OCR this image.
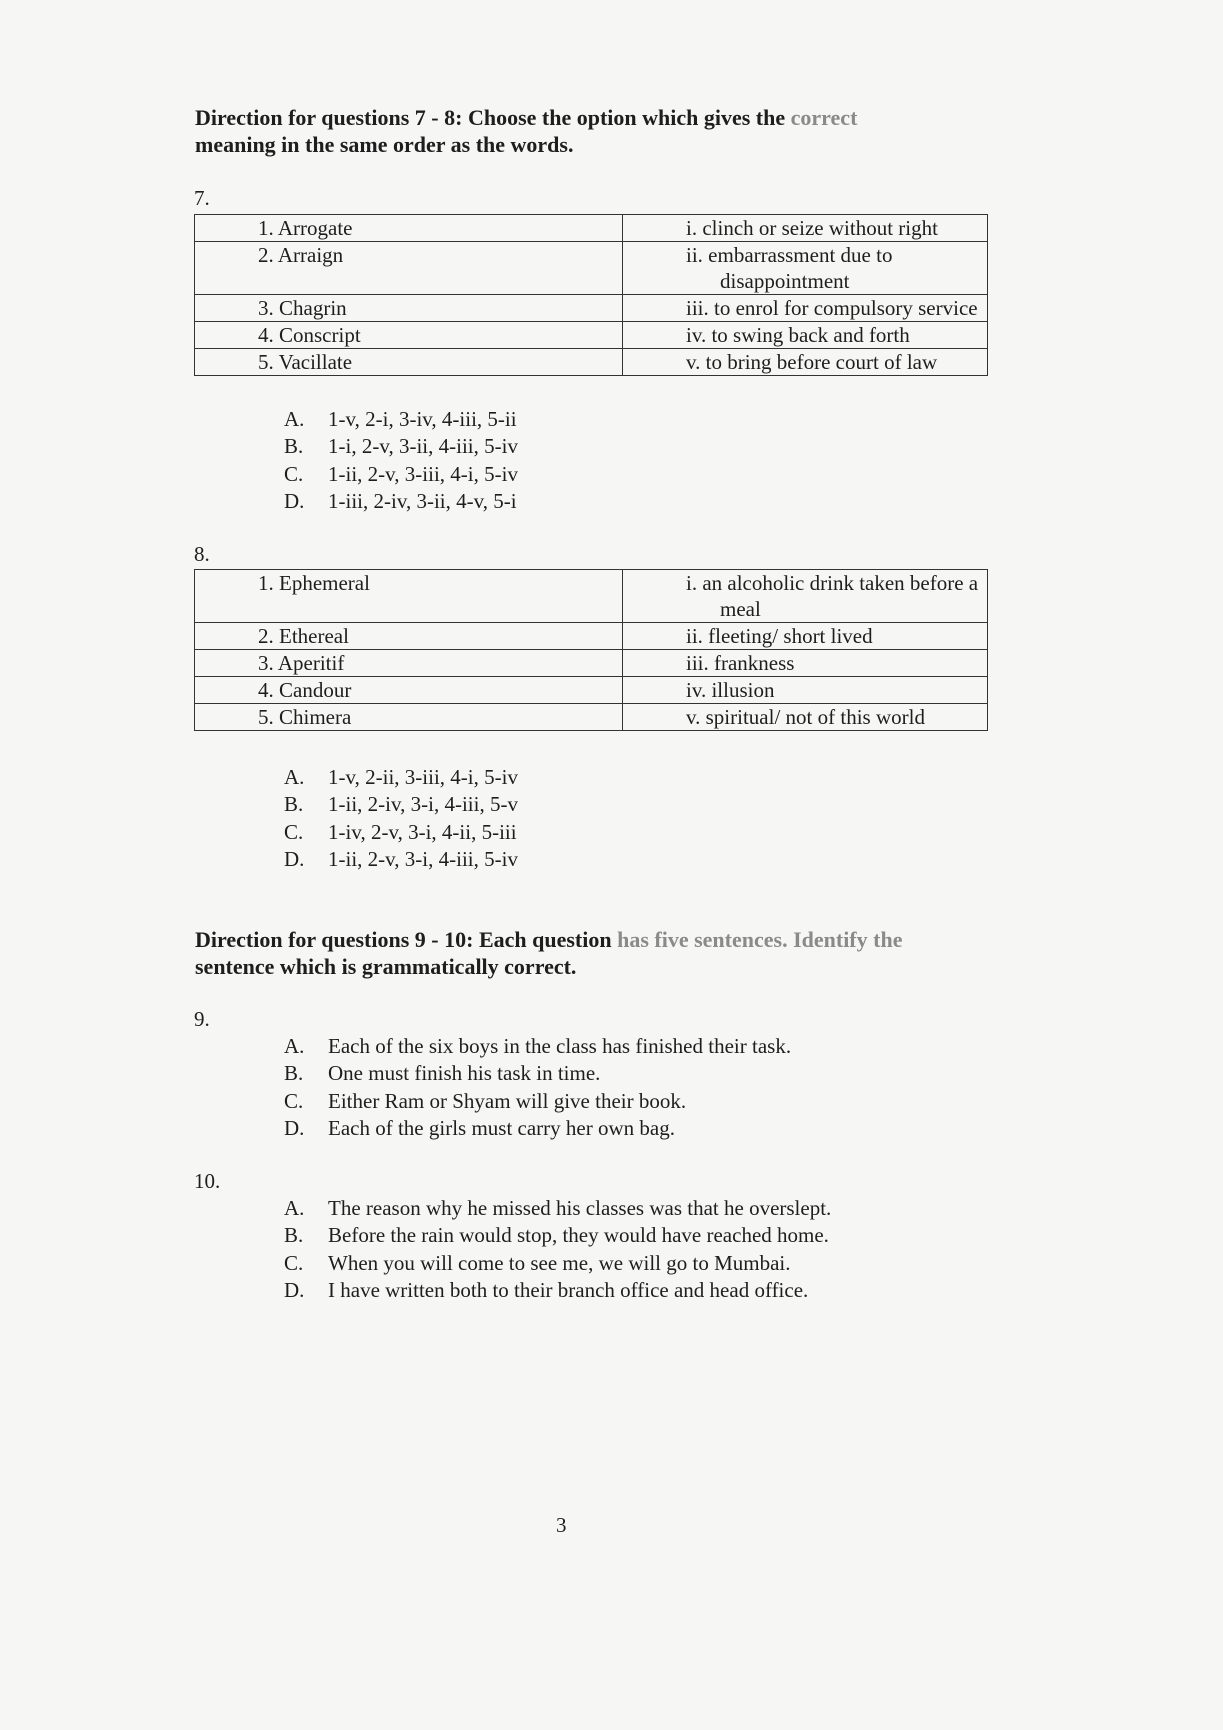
Direction for questions 7 - 8: Choose the option which gives the correct
meaning in the same order as the words.
7.
1. Arrogate	i. clinch or seize without right
2. Arraign	ii. embarrassment due to
disappointment

3. Chagrin	iii. to enrol for compulsory service
4. Conscript	iv. to swing back and forth
5. Vacillate	v. to bring before court of law
A.	1-v, 2-i, 3-iv, 4-iii, 5-ii
B.	1-i, 2-v, 3-ii, 4-iii, 5-iv
C.	1-ii, 2-v, 3-iii, 4-i, 5-iv
D.	1-iii, 2-iv, 3-ii, 4-v, 5-i
8.
1. Ephemeral	i. an alcoholic drink taken before a
meal

2. Ethereal	ii. fleeting/ short lived
3. Aperitif	iii. frankness
4. Candour	iv. illusion
5. Chimera	v. spiritual/ not of this world
A.	1-v, 2-ii, 3-iii, 4-i, 5-iv
B.	1-ii, 2-iv, 3-i, 4-iii, 5-v
C.	1-iv, 2-v, 3-i, 4-ii, 5-iii
D.	1-ii, 2-v, 3-i, 4-iii, 5-iv
Direction for questions 9 - 10: Each question has five sentences. Identify the
sentence which is grammatically correct.
9.
A.	Each of the six boys in the class has finished their task.
B.	One must finish his task in time.
C.	Either Ram or Shyam will give their book.
D.	Each of the girls must carry her own bag.
10.
A.	The reason why he missed his classes was that he overslept.
B.	Before the rain would stop, they would have reached home.
C.	When you will come to see me, we will go to Mumbai.
D.	I have written both to their branch office and head office.
3
